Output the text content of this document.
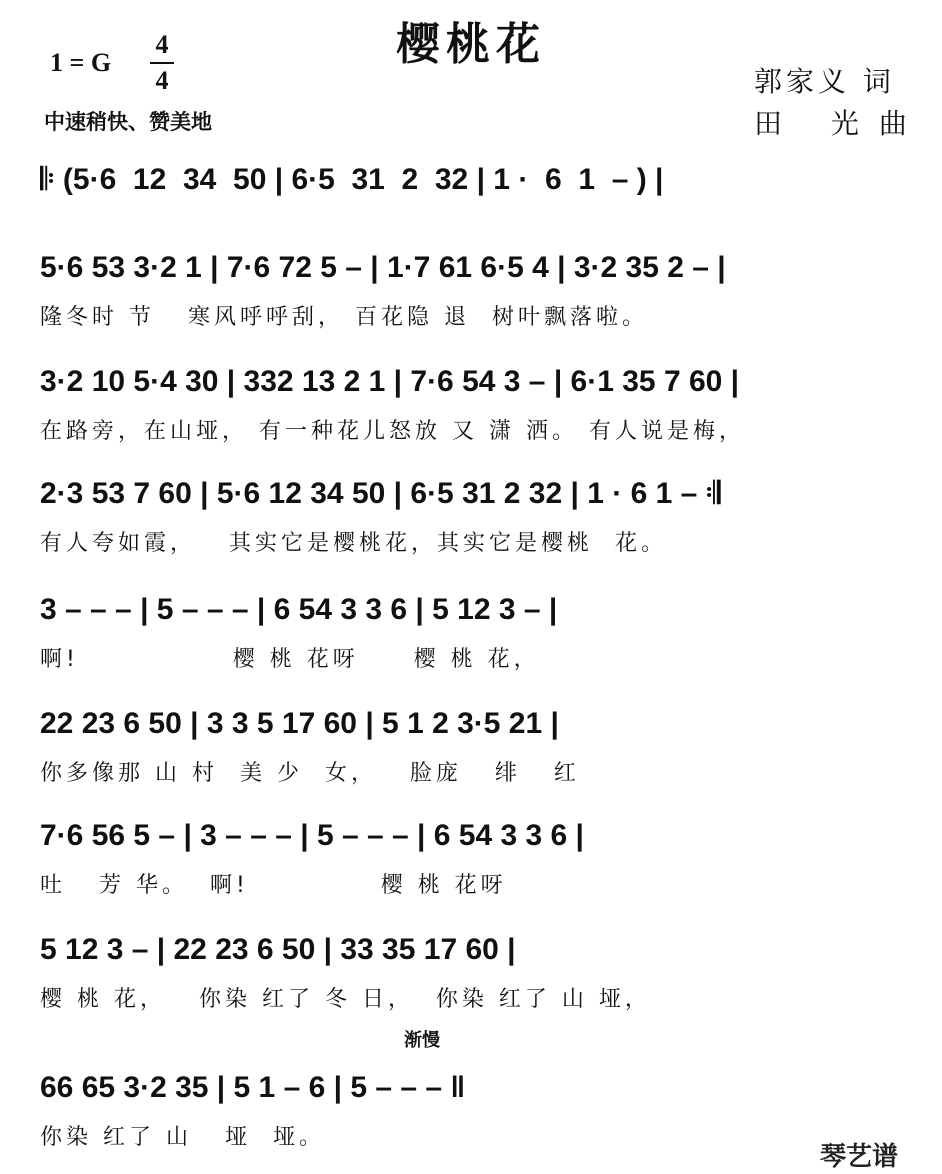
樱桃花
1 = G
4
4
中速稍快、赞美地
郭家义 词
田 光曲
𝄆 (5·6  12  34  50 | 6·5  31  2  32 | 1 ·  6  1  – ) |
5·6 53 3·2 1 | 7·6 72 5 – | 1·7 61 6·5 4 | 3·2 35 2 – |
隆冬时 节   寒风呼呼刮， 百花隐 退  树叶飘落啦。
3·2 10 5·4 30 | 332 13 2 1 | 7·6 54 3 – | 6·1 35 7 60 |
在路旁，在山垭， 有一种花儿怒放 又 潇 洒。 有人说是梅，
2·3 53 7 60 | 5·6 12 34 50 | 6·5 31 2 32 | 1 · 6 1 – 𝄇
有人夸如霞，   其实它是樱桃花，其实它是樱桃  花。
3 – – – | 5 – – – | 6 54 3 3 6 | 5 12 3 – |
啊!              樱 桃 花呀     樱 桃 花，
22 23 6 50 | 3 3 5 17 60 | 5 1 2 3·5 21 |
你多像那 山 村  美 少  女，   脸庞   绯   红
7·6 56 5 – | 3 – – – | 5 – – – | 6 54 3 3 6 |
吐   芳 华。  啊!            樱 桃 花呀
5 12 3 – | 22 23 6 50 | 33 35 17 60 |
樱 桃 花，   你染 红了 冬 日，  你染 红了 山 垭，
渐慢
66 65 3·2 35 | 5 1 – 6 | 5 – – – ‖
你染 红了 山   垭  垭。
琴艺谱
